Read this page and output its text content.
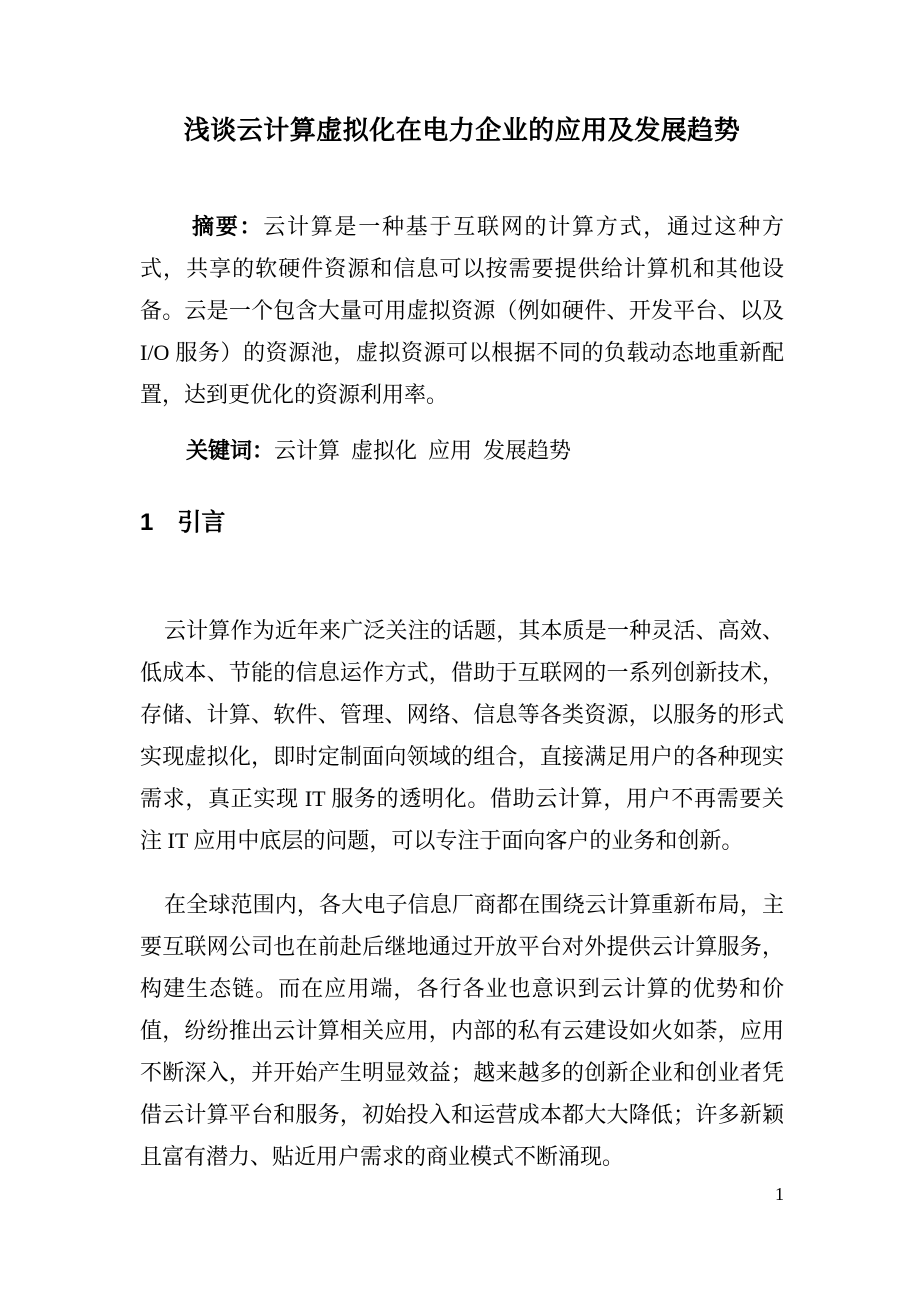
浅谈云计算虚拟化在电力企业的应用及发展趋势

摘要：云计算是一种基于互联网的计算方式，通过这种方式，共享的软硬件资源和信息可以按需要提供给计算机和其他设备。云是一个包含大量可用虚拟资源（例如硬件、开发平台、以及 I/O 服务）的资源池，虚拟资源可以根据不同的负载动态地重新配置，达到更优化的资源利用率。

关键词：云计算  虚拟化  应用  发展趋势

1 引言

云计算作为近年来广泛关注的话题，其本质是一种灵活、高效、低成本、节能的信息运作方式，借助于互联网的一系列创新技术，存储、计算、软件、管理、网络、信息等各类资源，以服务的形式实现虚拟化，即时定制面向领域的组合，直接满足用户的各种现实需求，真正实现 IT 服务的透明化。借助云计算，用户不再需要关注 IT 应用中底层的问题，可以专注于面向客户的业务和创新。

在全球范围内，各大电子信息厂商都在围绕云计算重新布局，主要互联网公司也在前赴后继地通过开放平台对外提供云计算服务，构建生态链。而在应用端，各行各业也意识到云计算的优势和价值，纷纷推出云计算相关应用，内部的私有云建设如火如荼，应用不断深入，并开始产生明显效益；越来越多的创新企业和创业者凭借云计算平台和服务，初始投入和运营成本都大大降低；许多新颖且富有潜力、贴近用户需求的商业模式不断涌现。

1
